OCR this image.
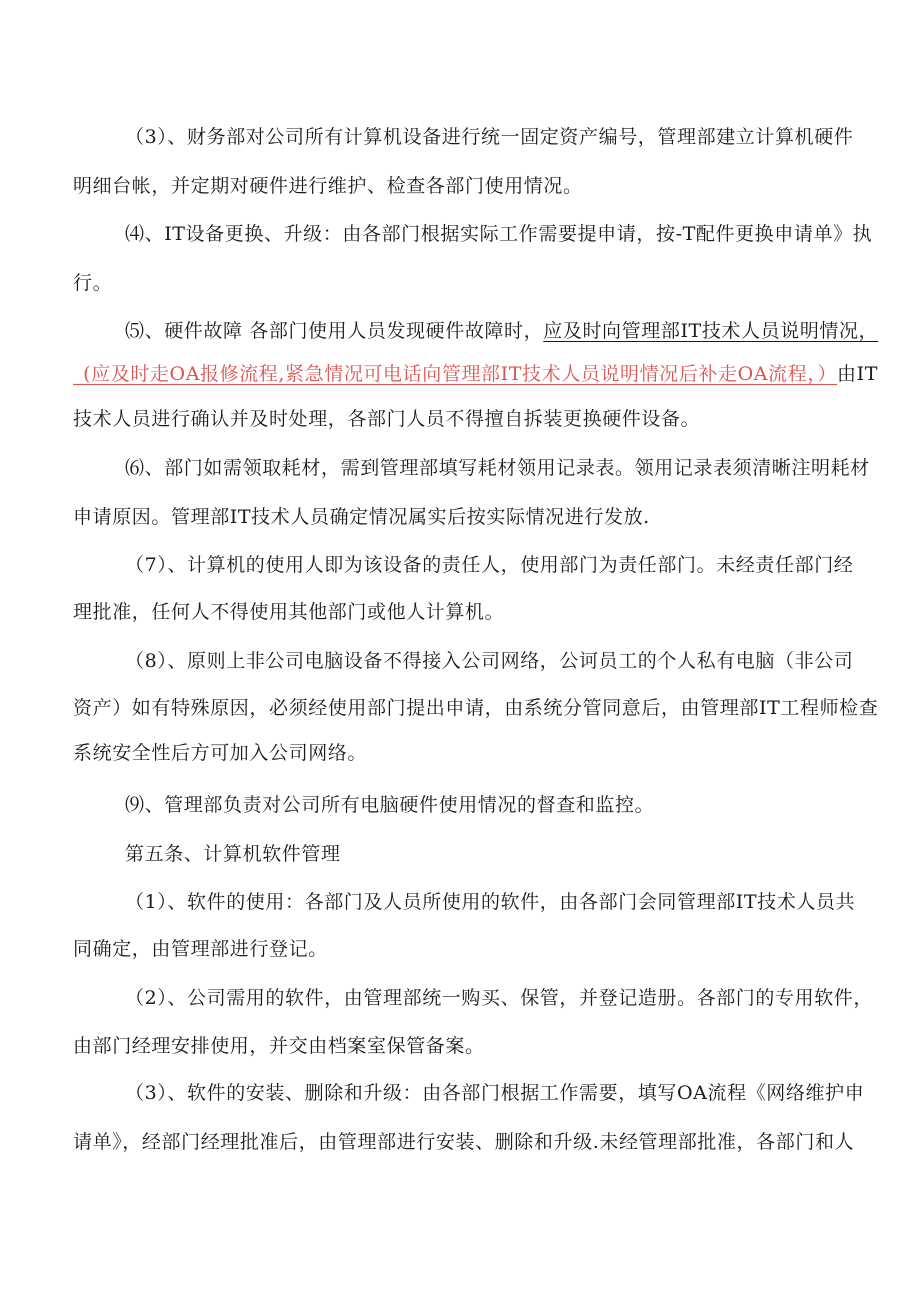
（3）、财务部对公司所有计算机设备进行统一固定资产编号，管理部建立计算机硬件
明细台帐，并定期对硬件进行维护、检查各部门使用情况。
⑷、IT设备更换、升级：由各部门根据实际工作需要提申请，按-T配件更换申请单》执
行。
⑸、硬件故障 各部门使用人员发现硬件故障时，应及时向管理部IT技术人员说明情况，
_(应及时走OA报修流程,紧急情况可电话向管理部IT技术人员说明情况后补走OA流程，）由IT
技术人员进行确认并及时处理，各部门人员不得擅自拆装更换硬件设备。
⑹、部门如需领取耗材，需到管理部填写耗材领用记录表。领用记录表须清晰注明耗材
申请原因。管理部IT技术人员确定情况属实后按实际情况进行发放.
（7）、计算机的使用人即为该设备的责任人，使用部门为责任部门。未经责任部门经
理批准，任何人不得使用其他部门或他人计算机。
（8）、原则上非公司电脑设备不得接入公司网络，公诃员工的个人私有电脑（非公司
资产）如有特殊原因，必须经使用部门提出申请，由系统分管同意后，由管理部IT工程师检查
系统安全性后方可加入公司网络。
⑼、管理部负责对公司所有电脑硬件使用情况的督查和监控。
第五条、计算机软件管理
（1）、软件的使用：各部门及人员所使用的软件，由各部门会同管理部IT技术人员共
同确定，由管理部进行登记。
（2）、公司需用的软件，由管理部统一购买、保管，并登记造册。各部门的专用软件，
由部门经理安排使用，并交由档案室保管备案。
（3）、软件的安装、删除和升级：由各部门根据工作需要，填写OA流程《网络维护申
请单》，经部门经理批准后，由管理部进行安装、删除和升级.未经管理部批准，各部门和人
